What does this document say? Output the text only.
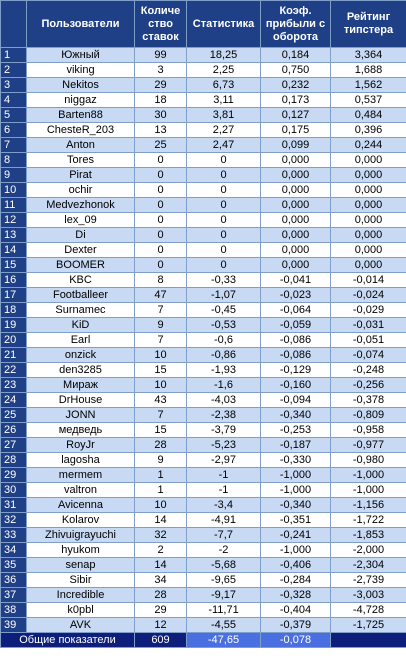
	Пользователи	Количе ство ставок	Статистика	Коэф. прибыли с оборота	Рейтинг типстера
1	Южный	99	18,25	0,184	3,364
2	viking	3	2,25	0,750	1,688
3	Nekitos	29	6,73	0,232	1,562
4	niggaz	18	3,11	0,173	0,537
5	Barten88	30	3,81	0,127	0,484
6	ChesteR_203	13	2,27	0,175	0,396
7	Anton	25	2,47	0,099	0,244
8	Tores	0	0	0,000	0,000
9	Pirat	0	0	0,000	0,000
10	ochir	0	0	0,000	0,000
11	Medvezhonok	0	0	0,000	0,000
12	lex_09	0	0	0,000	0,000
13	Di	0	0	0,000	0,000
14	Dexter	0	0	0,000	0,000
15	BOOMER	0	0	0,000	0,000
16	KBC	8	-0,33	-0,041	-0,014
17	Footballeer	47	-1,07	-0,023	-0,024
18	Surnamec	7	-0,45	-0,064	-0,029
19	KiD	9	-0,53	-0,059	-0,031
20	Earl	7	-0,6	-0,086	-0,051
21	onzick	10	-0,86	-0,086	-0,074
22	den3285	15	-1,93	-0,129	-0,248
23	Мираж	10	-1,6	-0,160	-0,256
24	DrHouse	43	-4,03	-0,094	-0,378
25	JONN	7	-2,38	-0,340	-0,809
26	медведь	15	-3,79	-0,253	-0,958
27	RoyJr	28	-5,23	-0,187	-0,977
28	lagosha	9	-2,97	-0,330	-0,980
29	mermem	1	-1	-1,000	-1,000
30	valtron	1	-1	-1,000	-1,000
31	Avicenna	10	-3,4	-0,340	-1,156
32	Kolarov	14	-4,91	-0,351	-1,722
33	Zhivuigrayuchi	32	-7,7	-0,241	-1,853
34	hyukom	2	-2	-1,000	-2,000
35	senap	14	-5,68	-0,406	-2,304
36	Sibir	34	-9,65	-0,284	-2,739
37	Incredible	28	-9,17	-0,328	-3,003
38	k0pbl	29	-11,71	-0,404	-4,728
39	AVK	12	-4,55	-0,379	-1,725
Общие показатели		609	-47,65	-0,078	
